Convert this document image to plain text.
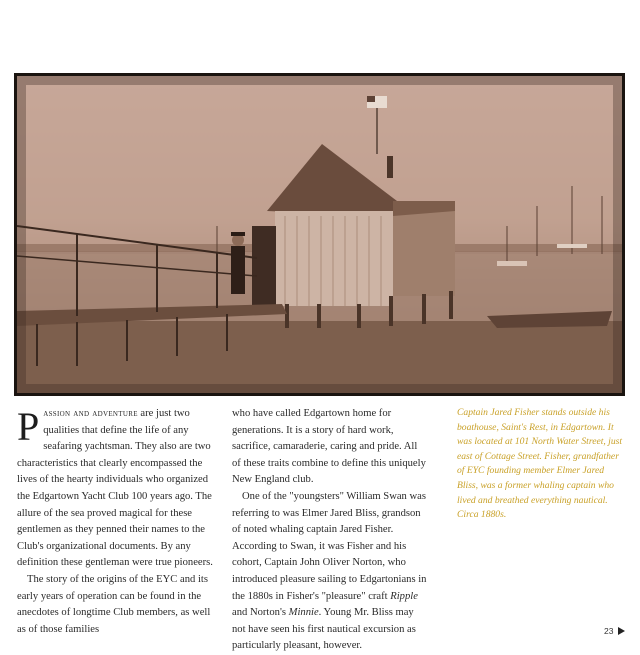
Passion and adventure are just two qualities that define the life of any seafaring yachtsman. They also are two characteristics that clearly encompassed the lives of the hearty individuals who organized the Edgartown Yacht Club 100 years ago. The allure of the sea proved magical for these gentlemen as they penned their names to the Club's organizational documents. By any definition these gentleman were true pioneers.

The story of the origins of the EYC and its early years of operation can be found in the anecdotes of longtime Club members, as well as of those families

who have called Edgartown home for generations. It is a story of hard work, sacrifice, camaraderie, caring and pride. All of these traits combine to define this uniquely New England club.

One of the "youngsters" William Swan was referring to was Elmer Jared Bliss, grandson of noted whaling captain Jared Fisher. According to Swan, it was Fisher and his cohort, Captain John Oliver Norton, who introduced pleasure sailing to Edgartonians in the 1880s in Fisher's "pleasure" craft Ripple and Norton's Minnie. Young Mr. Bliss may not have seen his first nautical excursion as particularly pleasant, however.

Captain Jared Fisher stands outside his boathouse, Saint's Rest, in Edgartown. It was located at 101 North Water Street, just east of Cottage Street. Fisher, grandfather of EYC founding member Elmer Jared Bliss, was a former whaling captain who lived and breathed everything nautical. Circa 1880s.
23
